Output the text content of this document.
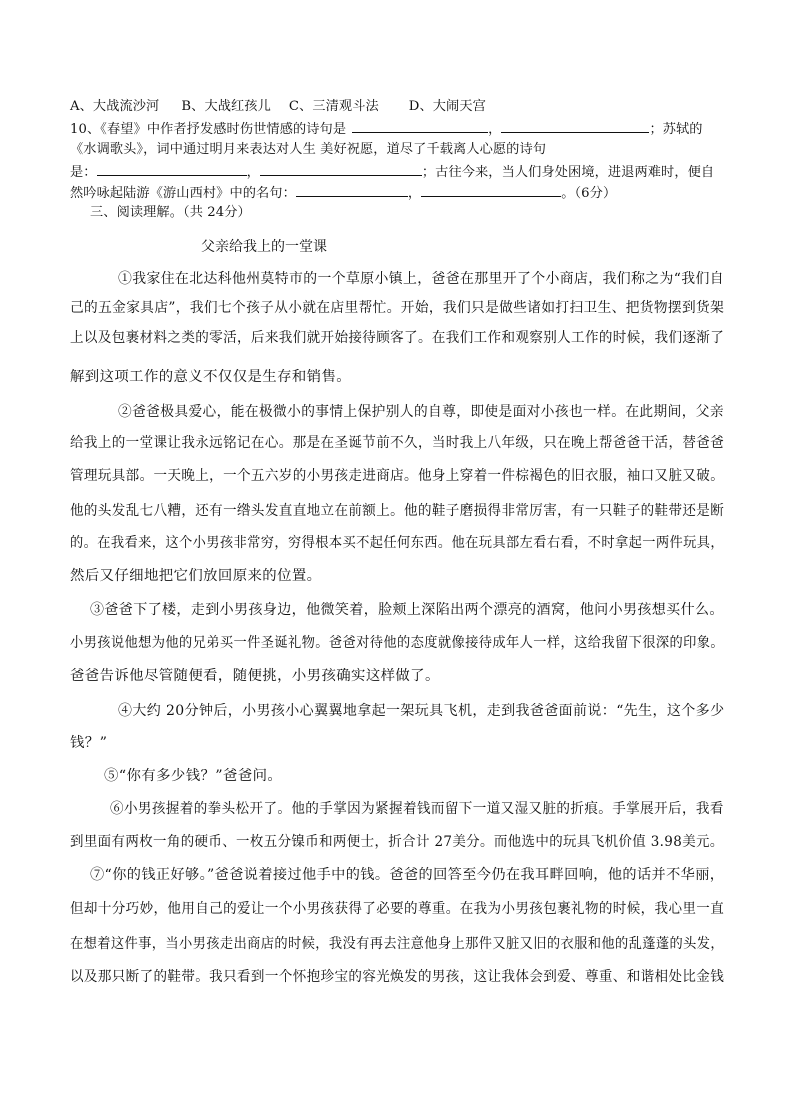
A、大战流沙河 B、大战红孩儿 C、三清观斗法 D、大闹天宫
10、《春望》中作者抒发感时伤世情感的诗句是	，	；苏轼的
《水调歌头》，词中通过明月来表达对人生 美好祝愿，道尽了千载离人心愿的诗句
是：	，	；古往今来，当人们身处困境，进退两难时，便自
然吟咏起陆游《游山西村》中的名句：	，	。（6分）
三、阅读理解。（共 24分）
父亲给我上的一堂课
①我家住在北达科他州莫特市的一个草原小镇上，爸爸在那里开了个小商店，我们称之为“我们自
己的五金家具店”，我们七个孩子从小就在店里帮忙。开始，我们只是做些诸如打扫卫生、把货物摆到货架
上以及包裹材料之类的零活，后来我们就开始接待顾客了。在我们工作和观察别人工作的时候，我们逐渐了
解到这项工作的意义不仅仅是生存和销售。
②爸爸极具爱心，能在极微小的事情上保护别人的自尊，即使是面对小孩也一样。在此期间，父亲
给我上的一堂课让我永远铭记在心。那是在圣诞节前不久，当时我上八年级，只在晚上帮爸爸干活，替爸爸
管理玩具部。一天晚上，一个五六岁的小男孩走进商店。他身上穿着一件棕褐色的旧衣服，袖口又脏又破。
他的头发乱七八糟，还有一绺头发直直地立在前额上。他的鞋子磨损得非常厉害，有一只鞋子的鞋带还是断
的。在我看来，这个小男孩非常穷，穷得根本买不起任何东西。他在玩具部左看右看，不时拿起一两件玩具，
然后又仔细地把它们放回原来的位置。
③爸爸下了楼，走到小男孩身边，他微笑着，脸颊上深陷出两个漂亮的酒窝，他问小男孩想买什么。
小男孩说他想为他的兄弟买一件圣诞礼物。爸爸对待他的态度就像接待成年人一样，这给我留下很深的印象。
爸爸告诉他尽管随便看，随便挑，小男孩确实这样做了。
④大约 20分钟后，小男孩小心翼翼地拿起一架玩具飞机，走到我爸爸面前说：“先生，这个多少
钱？”
⑤“你有多少钱？”爸爸问。
⑥小男孩握着的拳头松开了。他的手掌因为紧握着钱而留下一道又湿又脏的折痕。手掌展开后，我看
到里面有两枚一角的硬币、一枚五分镍币和两便士，折合计 27美分。而他选中的玩具飞机价值 3.98美元。
⑦“你的钱正好够。”爸爸说着接过他手中的钱。爸爸的回答至今仍在我耳畔回响，他的话并不华丽，
但却十分巧妙，他用自己的爱让一个小男孩获得了必要的尊重。在我为小男孩包裹礼物的时候，我心里一直
在想着这件事，当小男孩走出商店的时候，我没有再去注意他身上那件又脏又旧的衣服和他的乱蓬蓬的头发，
以及那只断了的鞋带。我只看到一个怀抱珍宝的容光焕发的男孩，这让我体会到爱、尊重、和谐相处比金钱
